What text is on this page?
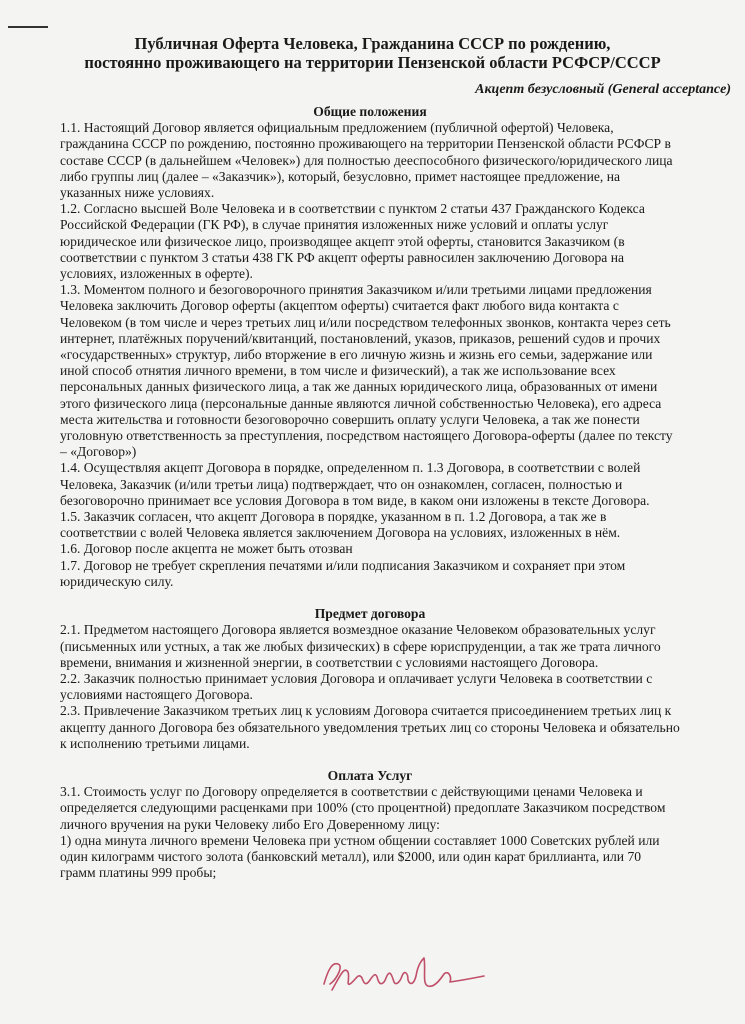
Публичная Оферта Человека, Гражданина СССР по рождению,
постоянно проживающего на территории Пензенской области РСФСР/СССР
Акцепт безусловный (General acceptance)
Общие положения
1.1. Настоящий Договор является официальным предложением (публичной офертой) Человека, гражданина СССР по рождению, постоянно проживающего на территории Пензенской области РСФСР в составе СССР (в дальнейшем «Человек») для полностью дееспособного физического/юридического лица либо группы лиц (далее – «Заказчик»), который, безусловно, примет настоящее предложение, на указанных ниже условиях.
1.2. Согласно высшей Воле Человека и в соответствии с пунктом 2 статьи 437 Гражданского Кодекса Российской Федерации (ГК РФ), в случае принятия изложенных ниже условий и оплаты услуг юридическое или физическое лицо, производящее акцепт этой оферты, становится Заказчиком (в соответствии с пунктом 3 статьи 438 ГК РФ акцепт оферты равносилен заключению Договора на условиях, изложенных в оферте).
1.3. Моментом полного и безоговорочного принятия Заказчиком и/или третьими лицами предложения Человека заключить Договор оферты (акцептом оферты) считается факт любого вида контакта с Человеком (в том числе и через третьих лиц и/или посредством телефонных звонков, контакта через сеть интернет, платёжных поручений/квитанций, постановлений, указов, приказов, решений судов и прочих «государственных» структур, либо вторжение в его личную жизнь и жизнь его семьи, задержание или иной способ отнятия личного времени, в том числе и физический), а так же использование всех персональных данных физического лица, а так же данных юридического лица, образованных от имени этого физического лица (персональные данные являются личной собственностью Человека), его адреса места жительства и готовности безоговорочно совершить оплату услуги Человека, а так же понести уголовную ответственность за преступления, посредством настоящего Договора-оферты (далее по тексту – «Договор»)
1.4. Осуществляя акцепт Договора в порядке, определенном п. 1.3 Договора, в соответствии с волей Человека, Заказчик (и/или третьи лица) подтверждает, что он ознакомлен, согласен, полностью и безоговорочно принимает все условия Договора в том виде, в каком они изложены в тексте Договора.
1.5. Заказчик согласен, что акцепт Договора в порядке, указанном в п. 1.2 Договора, а так же в соответствии с волей Человека является заключением Договора на условиях, изложенных в нём.
1.6. Договор после акцепта не может быть отозван
1.7. Договор не требует скрепления печатями и/или подписания Заказчиком и сохраняет при этом юридическую силу.
Предмет договора
2.1. Предметом настоящего Договора является возмездное оказание Человеком образовательных услуг (письменных или устных, а так же любых физических) в сфере юриспруденции, а так же трата личного времени, внимания и жизненной энергии, в соответствии с условиями настоящего Договора.
2.2. Заказчик полностью принимает условия Договора и оплачивает услуги Человека в соответствии с условиями настоящего Договора.
2.3. Привлечение Заказчиком третьих лиц к условиям Договора считается присоединением третьих лиц к акцепту данного Договора без обязательного уведомления третьих лиц со стороны Человека и обязательно к исполнению третьими лицами.
Оплата Услуг
3.1. Стоимость услуг по Договору определяется в соответствии с действующими ценами Человека и определяется следующими расценками при 100% (сто процентной) предоплате Заказчиком посредством личного вручения на руки Человеку либо Его Доверенному лицу:
1) одна минута личного времени Человека при устном общении составляет 1000 Советских рублей или один килограмм чистого золота (банковский металл), или $2000, или один карат бриллианта, или 70 грамм платины 999 пробы;
